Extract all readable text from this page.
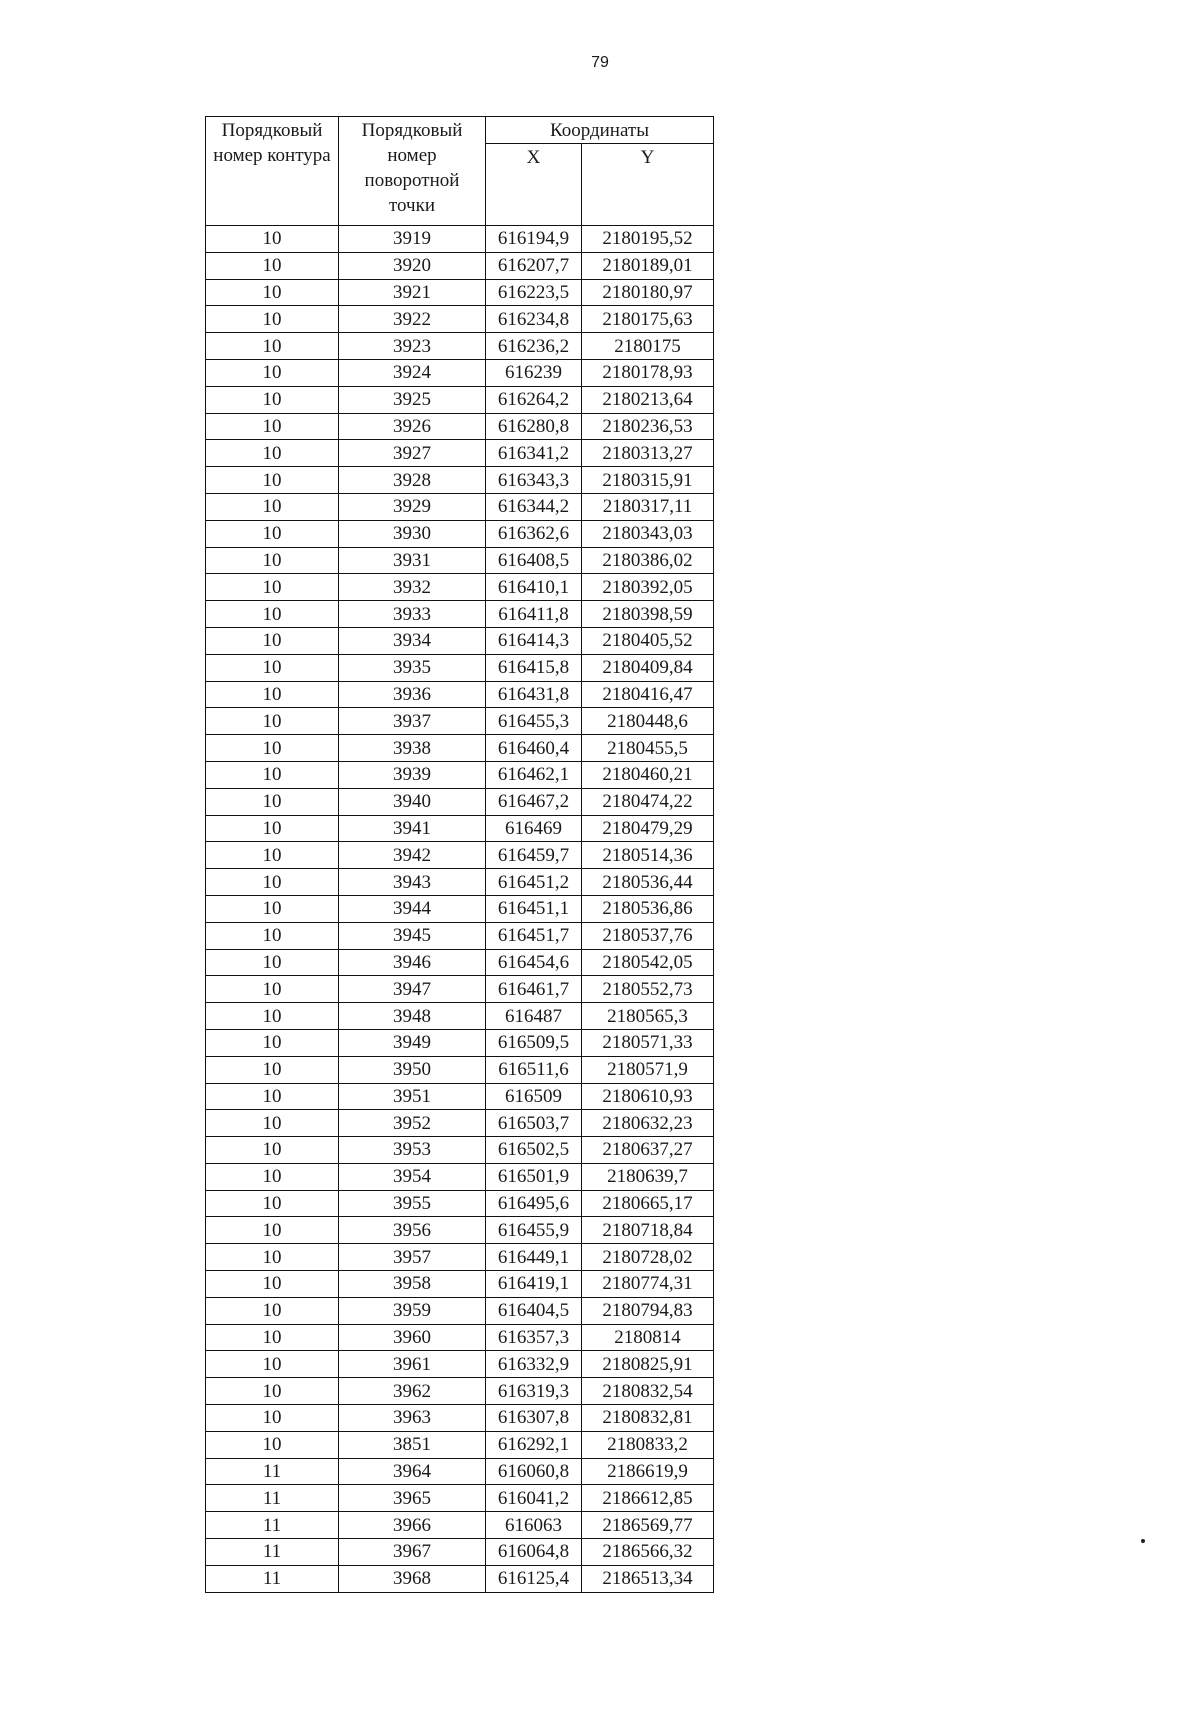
79
Порядковый
номер контура	Порядковый
номер
поворотной
точки	Координаты	
		X	Y
10	3919	616194,9	2180195,52
10	3920	616207,7	2180189,01
10	3921	616223,5	2180180,97
10	3922	616234,8	2180175,63
10	3923	616236,2	2180175
10	3924	616239	2180178,93
10	3925	616264,2	2180213,64
10	3926	616280,8	2180236,53
10	3927	616341,2	2180313,27
10	3928	616343,3	2180315,91
10	3929	616344,2	2180317,11
10	3930	616362,6	2180343,03
10	3931	616408,5	2180386,02
10	3932	616410,1	2180392,05
10	3933	616411,8	2180398,59
10	3934	616414,3	2180405,52
10	3935	616415,8	2180409,84
10	3936	616431,8	2180416,47
10	3937	616455,3	2180448,6
10	3938	616460,4	2180455,5
10	3939	616462,1	2180460,21
10	3940	616467,2	2180474,22
10	3941	616469	2180479,29
10	3942	616459,7	2180514,36
10	3943	616451,2	2180536,44
10	3944	616451,1	2180536,86
10	3945	616451,7	2180537,76
10	3946	616454,6	2180542,05
10	3947	616461,7	2180552,73
10	3948	616487	2180565,3
10	3949	616509,5	2180571,33
10	3950	616511,6	2180571,9
10	3951	616509	2180610,93
10	3952	616503,7	2180632,23
10	3953	616502,5	2180637,27
10	3954	616501,9	2180639,7
10	3955	616495,6	2180665,17
10	3956	616455,9	2180718,84
10	3957	616449,1	2180728,02
10	3958	616419,1	2180774,31
10	3959	616404,5	2180794,83
10	3960	616357,3	2180814
10	3961	616332,9	2180825,91
10	3962	616319,3	2180832,54
10	3963	616307,8	2180832,81
10	3851	616292,1	2180833,2
11	3964	616060,8	2186619,9
11	3965	616041,2	2186612,85
11	3966	616063	2186569,77
11	3967	616064,8	2186566,32
11	3968	616125,4	2186513,34
